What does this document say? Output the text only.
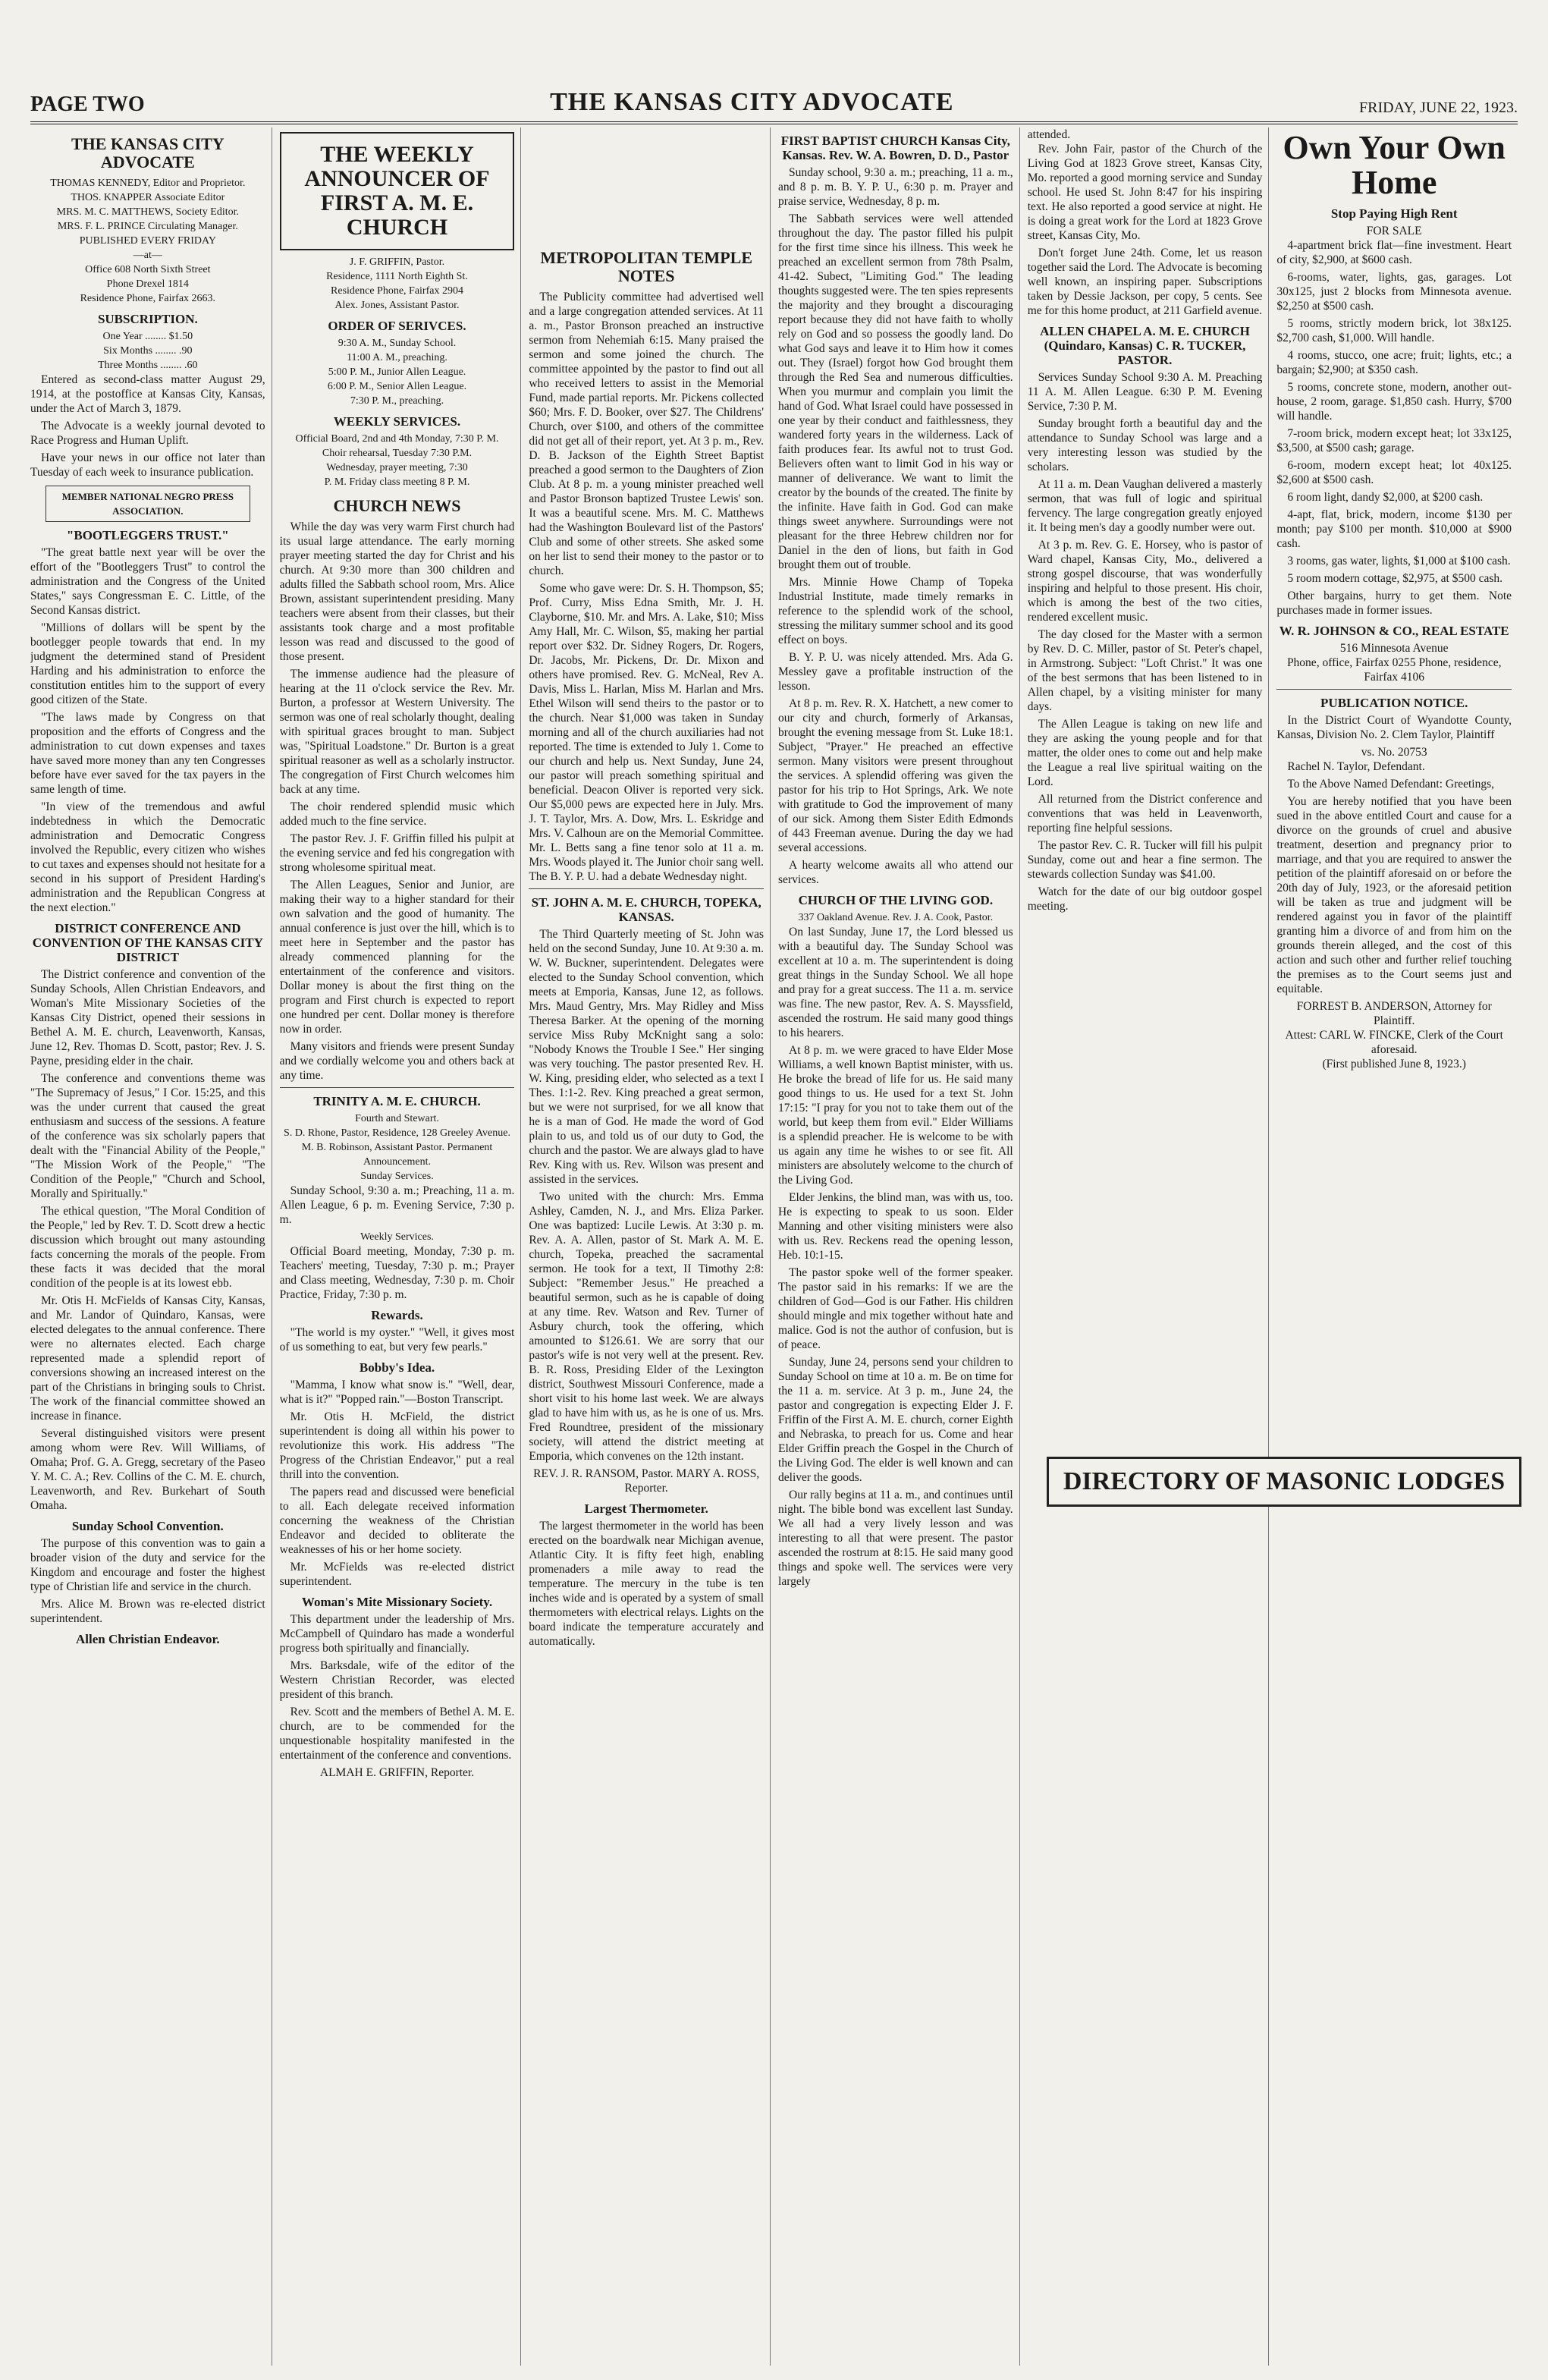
PAGE TWO	THE KANSAS CITY ADVOCATE	FRIDAY, JUNE 22, 1923.
THE KANSAS CITY ADVOCATE
THOMAS KENNEDY, Editor and Proprietor.
THOS. KNAPPER Associate Editor
MRS. M. C. MATTHEWS, Society Editor.
MRS. F. L. PRINCE Circulating Manager.
PUBLISHED EVERY FRIDAY
—at—
Office 608 North Sixth Street
Phone Drexel 1814
Residence Phone, Fairfax 2663.
SUBSCRIPTION.
One Year ........ $1.50
Six Months ........ .90
Three Months ........ .60

Entered as second-class matter August 29, 1914, at the postoffice at Kansas City, Kansas, under the Act of March 3, 1879.

The Advocate is a weekly journal devoted to Race Progress and Human Uplift.

Have your news in our office not later than Tuesday of each week to insurance publication.

MEMBER NATIONAL NEGRO PRESS ASSOCIATION.
"BOOTLEGGERS TRUST."

"The great battle next year will be over the effort of the "Bootleggers Trust" to control the administration and the Congress of the United States," says Congressman E. C. Little, of the Second Kansas district.

"Millions of dollars will be spent by the bootlegger people towards that end. In my judgment the determined stand of President Harding and his administration to enforce the constitution entitles him to the support of every good citizen of the State.

"The laws made by Congress on that proposition and the efforts of Congress and the administration to cut down expenses and taxes have saved more money than any ten Congresses before have ever saved for the tax payers in the same length of time.

"In view of the tremendous and awful indebtedness in which the Democratic administration and Democratic Congress involved the Republic, every citizen who wishes to cut taxes and expenses should not hesitate for a second in his support of President Harding's administration and the Republican Congress at the next election."

DISTRICT CONFERENCE AND CONVENTION OF THE KANSAS CITY DISTRICT

The District conference and convention of the Sunday Schools, Allen Christian Endeavors, and Woman's Mite Missionary Societies of the Kansas City District, opened their sessions in Bethel A. M. E. church, Leavenworth, Kansas, June 12, Rev. Thomas D. Scott, pastor; Rev. J. S. Payne, presiding elder in the chair.

The conference and conventions theme was "The Supremacy of Jesus," I Cor. 15:25, and this was the under current that caused the great enthusiasm and success of the sessions. A feature of the conference was six scholarly papers that dealt with the "Financial Ability of the People," "The Mission Work of the People," "The Condition of the People," "Church and School, Morally and Spiritually."

The ethical question, "The Moral Condition of the People," led by Rev. T. D. Scott drew a hectic discussion which brought out many astounding facts concerning the morals of the people. From these facts it was decided that the moral condition of the people is at its lowest ebb.

Mr. Otis H. McFields of Kansas City, Kansas, and Mr. Landor of Quindaro, Kansas, were elected delegates to the annual conference. There were no alternates elected. Each charge represented made a splendid report of conversions showing an increased interest on the part of the Christians in bringing souls to Christ. The work of the financial committee showed an increase in finance.

Several distinguished visitors were present among whom were Rev. Will Williams, of Omaha; Prof. G. A. Gregg, secretary of the Paseo Y. M. C. A.; Rev. Collins of the C. M. E. church, Leavenworth, and Rev. Burkehart of South Omaha.

Sunday School Convention.

The purpose of this convention was to gain a broader vision of the duty and service for the Kingdom and encourage and foster the highest type of Christian life and service in the church.

Mrs. Alice M. Brown was re-elected district superintendent.

Allen Christian Endeavor.
THE WEEKLY ANNOUNCER OF FIRST A. M. E. CHURCH
J. F. GRIFFIN, Pastor.
Residence, 1111 North Eighth St.
Residence Phone, Fairfax 2904
Alex. Jones, Assistant Pastor.
ORDER OF SERIVCES.
9:30 A. M., Sunday School.
11:00 A. M., preaching.
5:00 P. M., Junior Allen League.
6:00 P. M., Senior Allen League.
7:30 P. M., preaching.
WEEKLY SERVICES.
Official Board, 2nd and 4th Monday, 7:30 P. M.
Choir rehearsal, Tuesday 7:30 P.M.
Wednesday, prayer meeting, 7:30
P. M. Friday class meeting 8 P. M.
CHURCH NEWS

While the day was very warm First church had its usual large attendance. The early morning prayer meeting started the day for Christ and his church. At 9:30 more than 300 children and adults filled the Sabbath school room, Mrs. Alice Brown, assistant superintendent presiding. Many teachers were absent from their classes, but their assistants took charge and a most profitable lesson was read and discussed to the good of those present.

The immense audience had the pleasure of hearing at the 11 o'clock service the Rev. Mr. Burton, a professor at Western University. The sermon was one of real scholarly thought, dealing with spiritual graces brought to man. Subject was, "Spiritual Loadstone." Dr. Burton is a great spiritual reasoner as well as a scholarly instructor. The congregation of First Church welcomes him back at any time.

The choir rendered splendid music which added much to the fine service.

The pastor Rev. J. F. Griffin filled his pulpit at the evening service and fed his congregation with strong wholesome spiritual meat.

The Allen Leagues, Senior and Junior, are making their way to a higher standard for their own salvation and the good of humanity. The annual conference is just over the hill, which is to meet here in September and the pastor has already commenced planning for the entertainment of the conference and visitors. Dollar money is about the first thing on the program and First church is expected to report one hundred per cent. Dollar money is therefore now in order.

Many visitors and friends were present Sunday and we cordially welcome you and others back at any time.

TRINITY A. M. E. CHURCH.
Fourth and Stewart.
S. D. Rhone, Pastor, Residence, 128 Greeley Avenue.
M. B. Robinson, Assistant Pastor. Permanent Announcement.
Sunday Services.

Sunday School, 9:30 a. m.; Preaching, 11 a. m. Allen League, 6 p. m. Evening Service, 7:30 p. m.

Weekly Services.

Official Board meeting, Monday, 7:30 p. m. Teachers' meeting, Tuesday, 7:30 p. m.; Prayer and Class meeting, Wednesday, 7:30 p. m. Choir Practice, Friday, 7:30 p. m.

Rewards.

"The world is my oyster." "Well, it gives most of us something to eat, but very few pearls."

Bobby's Idea.

"Mamma, I know what snow is." "Well, dear, what is it?" "Popped rain."—Boston Transcript.

Mr. Otis H. McField, the district superintendent is doing all within his power to revolutionize this work. His address "The Progress of the Christian Endeavor," put a real thrill into the convention.

The papers read and discussed were beneficial to all. Each delegate received information concerning the weakness of the Christian Endeavor and decided to obliterate the weaknesses of his or her home society.

Mr. McFields was re-elected district superintendent.

Woman's Mite Missionary Society.

This department under the leadership of Mrs. McCampbell of Quindaro has made a wonderful progress both spiritually and financially.

Mrs. Barksdale, wife of the editor of the Western Christian Recorder, was elected president of this branch.

Rev. Scott and the members of Bethel A. M. E. church, are to be commended for the unquestionable hospitality manifested in the entertainment of the conference and conventions.

ALMAH E. GRIFFIN, Reporter.
METROPOLITAN TEMPLE NOTES

The Publicity committee had advertised well and a large congregation attended services. At 11 a. m., Pastor Bronson preached an instructive sermon from Nehemiah 6:15. Many praised the sermon and some joined the church. The committee appointed by the pastor to find out all who received letters to assist in the Memorial Fund, made partial reports. Mr. Pickens collected $60; Mrs. F. D. Booker, over $27. The Childrens' Church, over $100, and others of the committee did not get all of their report, yet. At 3 p. m., Rev. D. B. Jackson of the Eighth Street Baptist preached a good sermon to the Daughters of Zion Club. At 8 p. m. a young minister preached well and Pastor Bronson baptized Trustee Lewis' son. It was a beautiful scene. Mrs. M. C. Matthews had the Washington Boulevard list of the Pastors' Club and some of other streets. She asked some on her list to send their money to the pastor or to church.

Some who gave were: Dr. S. H. Thompson, $5; Prof. Curry, Miss Edna Smith, Mr. J. H. Clayborne, $10. Mr. and Mrs. A. Lake, $10; Miss Amy Hall, Mr. C. Wilson, $5, making her partial report over $32. Dr. Sidney Rogers, Dr. Rogers, Dr. Jacobs, Mr. Pickens, Dr. Dr. Mixon and others have promised. Rev. G. McNeal, Rev A. Davis, Miss L. Harlan, Miss M. Harlan and Mrs. Ethel Wilson will send theirs to the pastor or to the church. Near $1,000 was taken in Sunday morning and all of the church auxiliaries had not reported. The time is extended to July 1. Come to our church and help us. Next Sunday, June 24, our pastor will preach something spiritual and beneficial. Deacon Oliver is reported very sick. Our $5,000 pews are expected here in July. Mrs. J. T. Taylor, Mrs. A. Dow, Mrs. L. Eskridge and Mrs. V. Calhoun are on the Memorial Committee. Mr. L. Betts sang a fine tenor solo at 11 a. m. Mrs. Woods played it. The Junior choir sang well. The B. Y. P. U. had a debate Wednesday night.

ST. JOHN A. M. E. CHURCH, TOPEKA, KANSAS.

The Third Quarterly meeting of St. John was held on the second Sunday, June 10. At 9:30 a. m. W. W. Buckner, superintendent. Delegates were elected to the Sunday School convention, which meets at Emporia, Kansas, June 12, as follows. Mrs. Maud Gentry, Mrs. May Ridley and Miss Theresa Barker. At the opening of the morning service Miss Ruby McKnight sang a solo: "Nobody Knows the Trouble I See." Her singing was very touching. The pastor presented Rev. H. W. King, presiding elder, who selected as a text I Thes. 1:1-2. Rev. King preached a great sermon, but we were not surprised, for we all know that he is a man of God. He made the word of God plain to us, and told us of our duty to God, the church and the pastor. We are always glad to have Rev. King with us. Rev. Wilson was present and assisted in the services.

Two united with the church: Mrs. Emma Ashley, Camden, N. J., and Mrs. Eliza Parker. One was baptized: Lucile Lewis. At 3:30 p. m. Rev. A. A. Allen, pastor of St. Mark A. M. E. church, Topeka, preached the sacramental sermon. He took for a text, II Timothy 2:8: Subject: "Remember Jesus." He preached a beautiful sermon, such as he is capable of doing at any time. Rev. Watson and Rev. Turner of Asbury church, took the offering, which amounted to $126.61. We are sorry that our pastor's wife is not very well at the present. Rev. B. R. Ross, Presiding Elder of the Lexington district, Southwest Missouri Conference, made a short visit to his home last week. We are always glad to have him with us, as he is one of us. Mrs. Fred Roundtree, president of the missionary society, will attend the district meeting at Emporia, which convenes on the 12th instant.

REV. J. R. RANSOM, Pastor. MARY A. ROSS, Reporter.
Largest Thermometer.

The largest thermometer in the world has been erected on the boardwalk near Michigan avenue, Atlantic City. It is fifty feet high, enabling promenaders a mile away to read the temperature. The mercury in the tube is ten inches wide and is operated by a system of small thermometers with electrical relays. Lights on the board indicate the temperature accurately and automatically.

FIRST BAPTIST CHURCH Kansas City, Kansas. Rev. W. A. Bowren, D. D., Pastor

Sunday school, 9:30 a. m.; preaching, 11 a. m., and 8 p. m. B. Y. P. U., 6:30 p. m. Prayer and praise service, Wednesday, 8 p. m.

The Sabbath services were well attended throughout the day. The pastor filled his pulpit for the first time since his illness. This week he preached an excellent sermon from 78th Psalm, 41-42. Subect, "Limiting God." The leading thoughts suggested were. The ten spies represents the majority and they brought a discouraging report because they did not have faith to wholly rely on God and so possess the goodly land. Do what God says and leave it to Him how it comes out. They (Israel) forgot how God brought them through the Red Sea and numerous difficulties. When you murmur and complain you limit the hand of God. What Israel could have possessed in one year by their conduct and faithlessness, they wandered forty years in the wilderness. Lack of faith produces fear. Its awful not to trust God. Believers often want to limit God in his way or manner of deliverance. We want to limit the creator by the bounds of the created. The finite by the infinite. Have faith in God. God can make things sweet anywhere. Surroundings were not pleasant for the three Hebrew children nor for Daniel in the den of lions, but faith in God brought them out of trouble.

Mrs. Minnie Howe Champ of Topeka Industrial Institute, made timely remarks in reference to the splendid work of the school, stressing the military summer school and its good effect on boys.

B. Y. P. U. was nicely attended. Mrs. Ada G. Messley gave a profitable instruction of the lesson.

At 8 p. m. Rev. R. X. Hatchett, a new comer to our city and church, formerly of Arkansas, brought the evening message from St. Luke 18:1. Subject, "Prayer." He preached an effective sermon. Many visitors were present throughout the services. A splendid offering was given the pastor for his trip to Hot Springs, Ark. We note with gratitude to God the improvement of many of our sick. Among them Sister Edith Edmonds of 443 Freeman avenue. During the day we had several accessions.

A hearty welcome awaits all who attend our services.

CHURCH OF THE LIVING GOD.
337 Oakland Avenue. Rev. J. A. Cook, Pastor.

On last Sunday, June 17, the Lord blessed us with a beautiful day. The Sunday School was excellent at 10 a. m. The superintendent is doing great things in the Sunday School. We all hope and pray for a great success. The 11 a. m. service was fine. The new pastor, Rev. A. S. Mayssfield, ascended the rostrum. He said many good things to his hearers.

At 8 p. m. we were graced to have Elder Mose Williams, a well known Baptist minister, with us. He broke the bread of life for us. He said many good things to us. He used for a text St. John 17:15: "I pray for you not to take them out of the world, but keep them from evil." Elder Williams is a splendid preacher. He is welcome to be with us again any time he wishes to or see fit. All ministers are absolutely welcome to the church of the Living God.

Elder Jenkins, the blind man, was with us, too. He is expecting to speak to us soon. Elder Manning and other visiting ministers were also with us. Rev. Reckens read the opening lesson, Heb. 10:1-15.

The pastor spoke well of the former speaker. The pastor said in his remarks: If we are the children of God—God is our Father. His children should mingle and mix together without hate and malice. God is not the author of confusion, but is of peace.

Sunday, June 24, persons send your children to Sunday School on time at 10 a. m. Be on time for the 11 a. m. service. At 3 p. m., June 24, the pastor and congregation is expecting Elder J. F. Friffin of the First A. M. E. church, corner Eighth and Nebraska, to preach for us. Come and hear Elder Griffin preach the Gospel in the Church of the Living God. The elder is well known and can deliver the goods.

Our rally begins at 11 a. m., and continues until night. The bible bond was excellent last Sunday. We all had a very lively lesson and was interesting to all that were present. The pastor ascended the rostrum at 8:15. He said many good things and spoke well. The services were very largely

attended.

Rev. John Fair, pastor of the Church of the Living God at 1823 Grove street, Kansas City, Mo. reported a good morning service and Sunday school. He used St. John 8:47 for his inspiring text. He also reported a good service at night. He is doing a great work for the Lord at 1823 Grove street, Kansas City, Mo.

Don't forget June 24th. Come, let us reason together said the Lord. The Advocate is becoming well known, an inspiring paper. Subscriptions taken by Dessie Jackson, per copy, 5 cents. See me for this home product, at 211 Garfield avenue.

ALLEN CHAPEL A. M. E. CHURCH (Quindaro, Kansas) C. R. TUCKER, PASTOR.

Services Sunday School 9:30 A. M. Preaching 11 A. M. Allen League. 6:30 P. M. Evening Service, 7:30 P. M.

Sunday brought forth a beautiful day and the attendance to Sunday School was large and a very interesting lesson was studied by the scholars.

At 11 a. m. Dean Vaughan delivered a masterly sermon, that was full of logic and spiritual fervency. The large congregation greatly enjoyed it. It being men's day a goodly number were out.

At 3 p. m. Rev. G. E. Horsey, who is pastor of Ward chapel, Kansas City, Mo., delivered a strong gospel discourse, that was wonderfully inspiring and helpful to those present. His choir, which is among the best of the two cities, rendered excellent music.

The day closed for the Master with a sermon by Rev. D. C. Miller, pastor of St. Peter's chapel, in Armstrong. Subject: "Loft Christ." It was one of the best sermons that has been listened to in Allen chapel, by a visiting minister for many days.

The Allen League is taking on new life and they are asking the young people and for that matter, the older ones to come out and help make the League a real live spiritual waiting on the Lord.

All returned from the District conference and conventions that was held in Leavenworth, reporting fine helpful sessions.

The pastor Rev. C. R. Tucker will fill his pulpit Sunday, come out and hear a fine sermon. The stewards collection Sunday was $41.00.

Watch for the date of our big outdoor gospel meeting.

Own Your Own Home
Stop Paying High Rent
FOR SALE

4-apartment brick flat—fine investment. Heart of city, $2,900, at $600 cash.

6-rooms, water, lights, gas, garages. Lot 30x125, just 2 blocks from Minnesota avenue. $2,250 at $500 cash.

5 rooms, strictly modern brick, lot 38x125. $2,700 cash, $1,000. Will handle.

4 rooms, stucco, one acre; fruit; lights, etc.; a bargain; $2,900; at $350 cash.

5 rooms, concrete stone, modern, another out-house, 2 room, garage. $1,850 cash. Hurry, $700 will handle.

7-room brick, modern except heat; lot 33x125, $3,500, at $500 cash; garage.

6-room, modern except heat; lot 40x125. $2,600 at $500 cash.

6 room light, dandy $2,000, at $200 cash.

4-apt, flat, brick, modern, income $130 per month; pay $100 per month. $10,000 at $900 cash.

3 rooms, gas water, lights, $1,000 at $100 cash.

5 room modern cottage, $2,975, at $500 cash.

Other bargains, hurry to get them. Note purchases made in former issues.

W. R. JOHNSON & CO., REAL ESTATE
516 Minnesota Avenue
Phone, office, Fairfax 0255 Phone, residence, Fairfax 4106
PUBLICATION NOTICE.

In the District Court of Wyandotte County, Kansas, Division No. 2. Clem Taylor, Plaintiff

vs. No. 20753

Rachel N. Taylor, Defendant.

To the Above Named Defendant: Greetings,

You are hereby notified that you have been sued in the above entitled Court and cause for a divorce on the grounds of cruel and abusive treatment, desertion and pregnancy prior to marriage, and that you are required to answer the petition of the plaintiff aforesaid on or before the 20th day of July, 1923, or the aforesaid petition will be taken as true and judgment will be rendered against you in favor of the plaintiff granting him a divorce of and from him on the grounds therein alleged, and the cost of this action and such other and further relief touching the premises as to the Court seems just and equitable.

FORREST B. ANDERSON, Attorney for Plaintiff.
Attest: CARL W. FINCKE, Clerk of the Court aforesaid.
(First published June 8, 1923.)
DIRECTORY OF MASONIC LODGES
